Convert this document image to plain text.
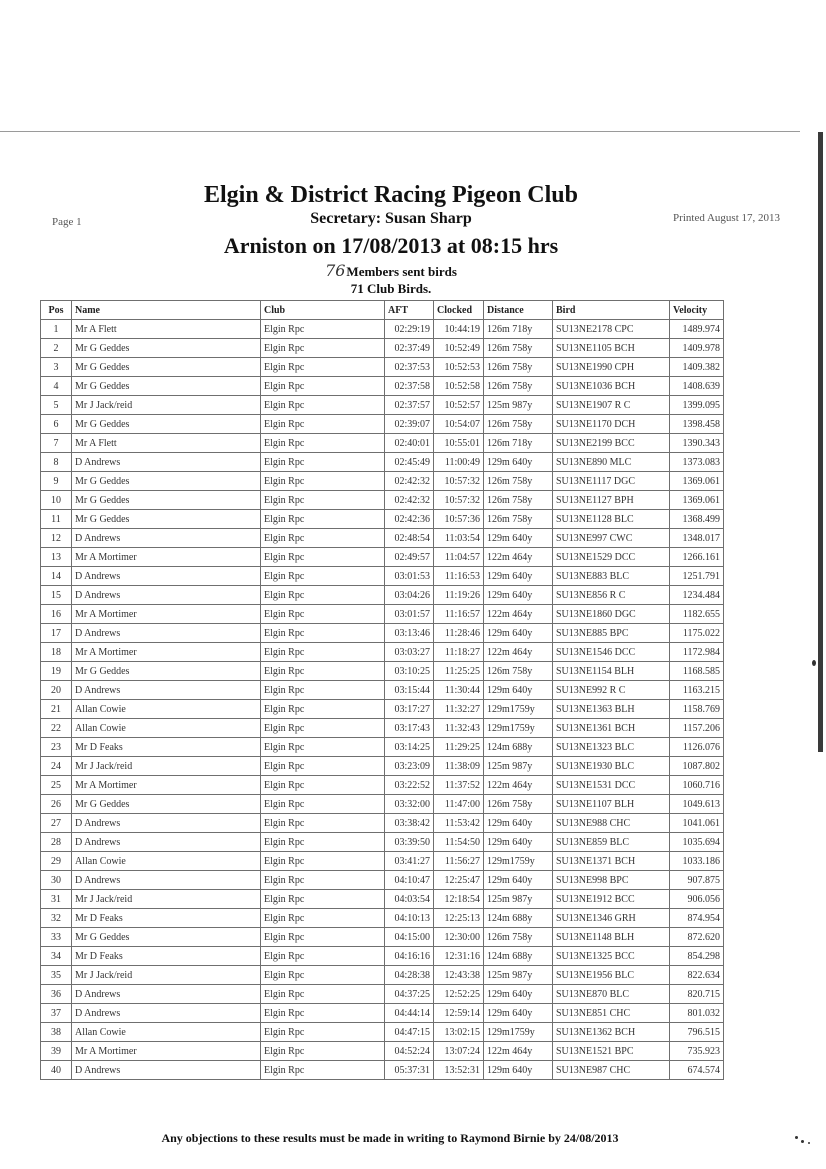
Elgin & District Racing Pigeon Club
Secretary: Susan Sharp
Page 1	Printed August 17, 2013
Arniston on 17/08/2013 at 08:15 hrs
76Members sent birds
71 Club Birds.
Pos	Name	Club	AFT	Clocked	Distance	Bird	Velocity
1	Mr A Flett	Elgin Rpc	02:29:19	10:44:19	126m 718y	SU13NE2178 CPC	1489.974
2	Mr G Geddes	Elgin Rpc	02:37:49	10:52:49	126m 758y	SU13NE1105 BCH	1409.978
3	Mr G Geddes	Elgin Rpc	02:37:53	10:52:53	126m 758y	SU13NE1990 CPH	1409.382
4	Mr G Geddes	Elgin Rpc	02:37:58	10:52:58	126m 758y	SU13NE1036 BCH	1408.639
5	Mr J Jack/reid	Elgin Rpc	02:37:57	10:52:57	125m 987y	SU13NE1907 R C	1399.095
6	Mr G Geddes	Elgin Rpc	02:39:07	10:54:07	126m 758y	SU13NE1170 DCH	1398.458
7	Mr A Flett	Elgin Rpc	02:40:01	10:55:01	126m 718y	SU13NE2199 BCC	1390.343
8	D Andrews	Elgin Rpc	02:45:49	11:00:49	129m 640y	SU13NE890 MLC	1373.083
9	Mr G Geddes	Elgin Rpc	02:42:32	10:57:32	126m 758y	SU13NE1117 DGC	1369.061
10	Mr G Geddes	Elgin Rpc	02:42:32	10:57:32	126m 758y	SU13NE1127 BPH	1369.061
11	Mr G Geddes	Elgin Rpc	02:42:36	10:57:36	126m 758y	SU13NE1128 BLC	1368.499
12	D Andrews	Elgin Rpc	02:48:54	11:03:54	129m 640y	SU13NE997 CWC	1348.017
13	Mr A Mortimer	Elgin Rpc	02:49:57	11:04:57	122m 464y	SU13NE1529 DCC	1266.161
14	D Andrews	Elgin Rpc	03:01:53	11:16:53	129m 640y	SU13NE883 BLC	1251.791
15	D Andrews	Elgin Rpc	03:04:26	11:19:26	129m 640y	SU13NE856 R C	1234.484
16	Mr A Mortimer	Elgin Rpc	03:01:57	11:16:57	122m 464y	SU13NE1860 DGC	1182.655
17	D Andrews	Elgin Rpc	03:13:46	11:28:46	129m 640y	SU13NE885 BPC	1175.022
18	Mr A Mortimer	Elgin Rpc	03:03:27	11:18:27	122m 464y	SU13NE1546 DCC	1172.984
19	Mr G Geddes	Elgin Rpc	03:10:25	11:25:25	126m 758y	SU13NE1154 BLH	1168.585
20	D Andrews	Elgin Rpc	03:15:44	11:30:44	129m 640y	SU13NE992 R C	1163.215
21	Allan Cowie	Elgin Rpc	03:17:27	11:32:27	129m1759y	SU13NE1363 BLH	1158.769
22	Allan Cowie	Elgin Rpc	03:17:43	11:32:43	129m1759y	SU13NE1361 BCH	1157.206
23	Mr D Feaks	Elgin Rpc	03:14:25	11:29:25	124m 688y	SU13NE1323 BLC	1126.076
24	Mr J Jack/reid	Elgin Rpc	03:23:09	11:38:09	125m 987y	SU13NE1930 BLC	1087.802
25	Mr A Mortimer	Elgin Rpc	03:22:52	11:37:52	122m 464y	SU13NE1531 DCC	1060.716
26	Mr G Geddes	Elgin Rpc	03:32:00	11:47:00	126m 758y	SU13NE1107 BLH	1049.613
27	D Andrews	Elgin Rpc	03:38:42	11:53:42	129m 640y	SU13NE988 CHC	1041.061
28	D Andrews	Elgin Rpc	03:39:50	11:54:50	129m 640y	SU13NE859 BLC	1035.694
29	Allan Cowie	Elgin Rpc	03:41:27	11:56:27	129m1759y	SU13NE1371 BCH	1033.186
30	D Andrews	Elgin Rpc	04:10:47	12:25:47	129m 640y	SU13NE998 BPC	907.875
31	Mr J Jack/reid	Elgin Rpc	04:03:54	12:18:54	125m 987y	SU13NE1912 BCC	906.056
32	Mr D Feaks	Elgin Rpc	04:10:13	12:25:13	124m 688y	SU13NE1346 GRH	874.954
33	Mr G Geddes	Elgin Rpc	04:15:00	12:30:00	126m 758y	SU13NE1148 BLH	872.620
34	Mr D Feaks	Elgin Rpc	04:16:16	12:31:16	124m 688y	SU13NE1325 BCC	854.298
35	Mr J Jack/reid	Elgin Rpc	04:28:38	12:43:38	125m 987y	SU13NE1956 BLC	822.634
36	D Andrews	Elgin Rpc	04:37:25	12:52:25	129m 640y	SU13NE870 BLC	820.715
37	D Andrews	Elgin Rpc	04:44:14	12:59:14	129m 640y	SU13NE851 CHC	801.032
38	Allan Cowie	Elgin Rpc	04:47:15	13:02:15	129m1759y	SU13NE1362 BCH	796.515
39	Mr A Mortimer	Elgin Rpc	04:52:24	13:07:24	122m 464y	SU13NE1521 BPC	735.923
40	D Andrews	Elgin Rpc	05:37:31	13:52:31	129m 640y	SU13NE987 CHC	674.574
Any objections to these results must be made in writing to Raymond Birnie by 24/08/2013
